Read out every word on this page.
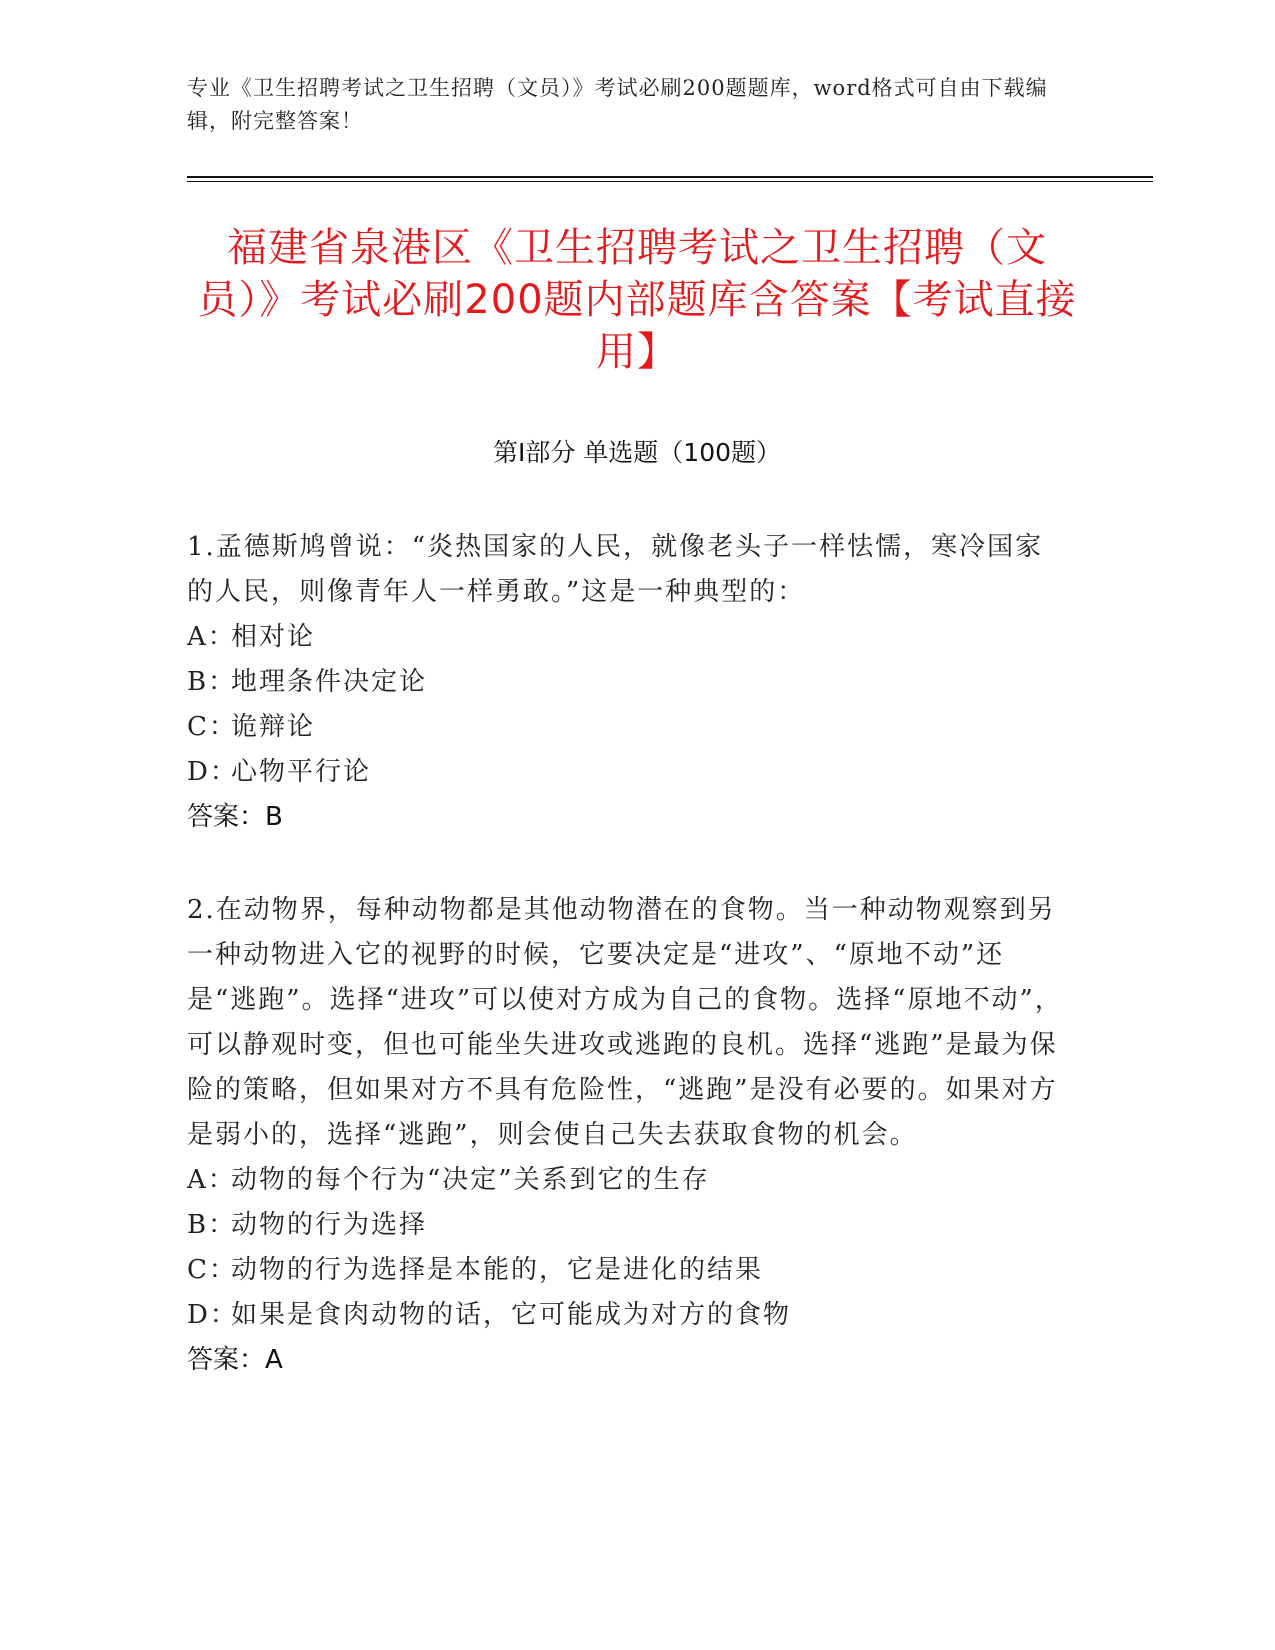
专业《卫生招聘考试之卫生招聘（文员）》考试必刷200题题库，word格式可自由下载编辑，附完整答案！
福建省泉港区《卫生招聘考试之卫生招聘（文员）》考试必刷200题内部题库含答案【考试直接用】
第Ⅰ部分 单选题（100题）
1.孟德斯鸠曾说：“炎热国家的人民，就像老头子一样怯懦，寒冷国家的人民，则像青年人一样勇敢。”这是一种典型的：
A：相对论
B：地理条件决定论
C：诡辩论
D：心物平行论
答案：B
2.在动物界，每种动物都是其他动物潜在的食物。当一种动物观察到另一种动物进入它的视野的时候，它要决定是“进攻”、“原地不动”还是“逃跑”。选择“进攻”可以使对方成为自己的食物。选择“原地不动”，可以静观时变，但也可能坐失进攻或逃跑的良机。选择“逃跑”是最为保险的策略，但如果对方不具有危险性，“逃跑”是没有必要的。如果对方是弱小的，选择“逃跑”，则会使自己失去获取食物的机会。
A：动物的每个行为“决定”关系到它的生存
B：动物的行为选择
C：动物的行为选择是本能的，它是进化的结果
D：如果是食肉动物的话，它可能成为对方的食物
答案：A
